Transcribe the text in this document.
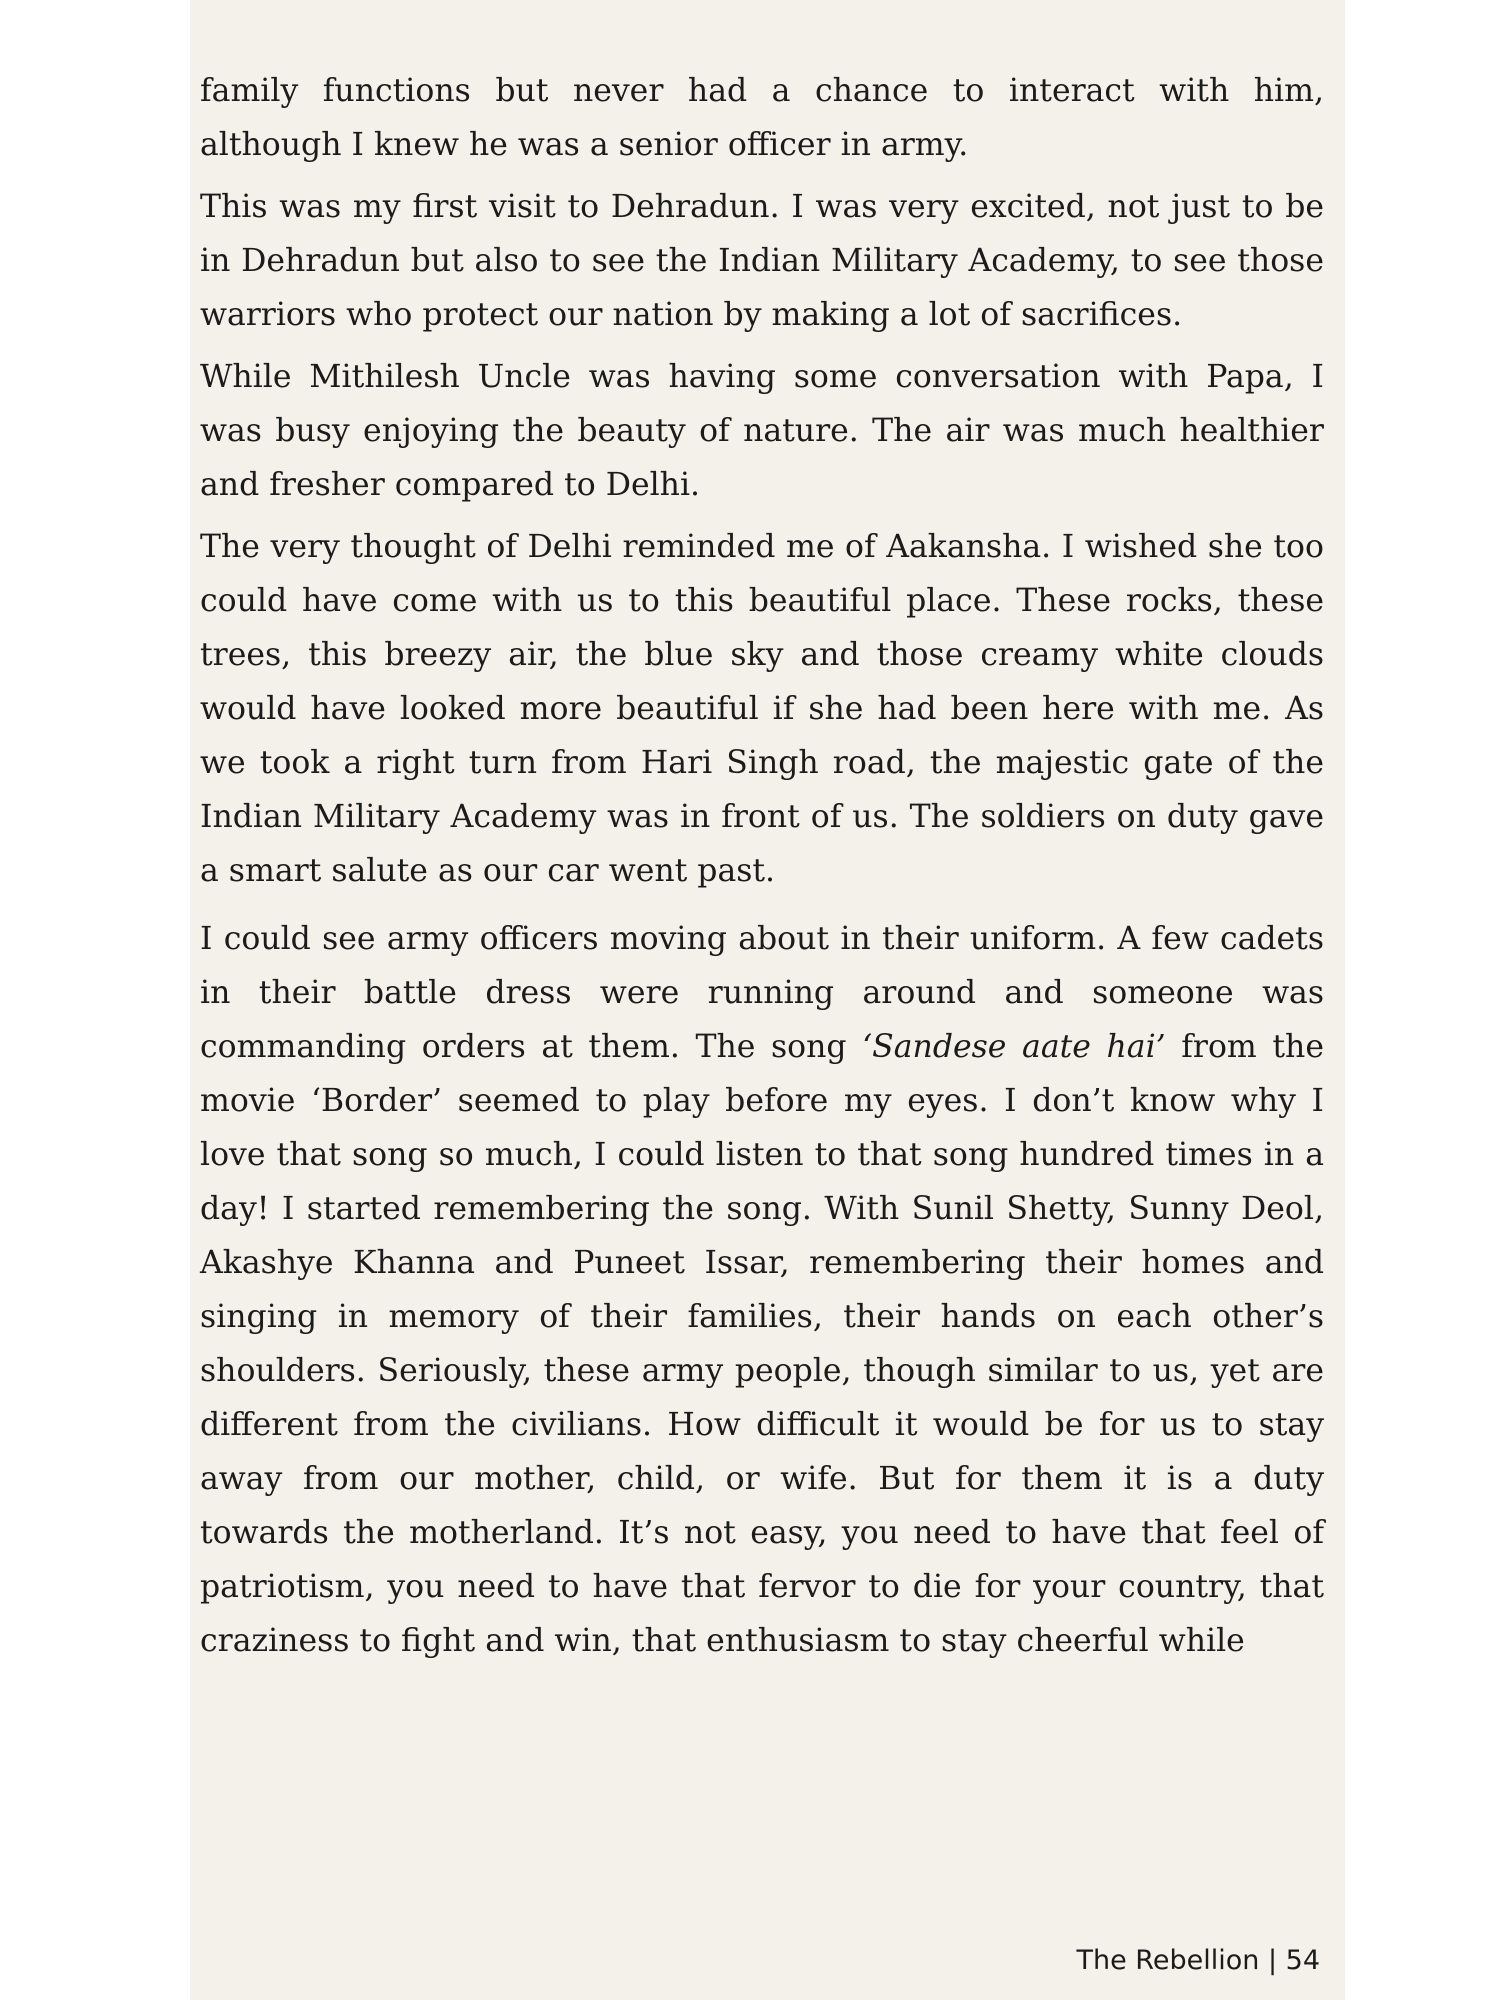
family functions but never had a chance to interact with him, although I knew he was a senior officer in army.

This was my first visit to Dehradun. I was very excited, not just to be in Dehradun but also to see the Indian Military Academy, to see those warriors who protect our nation by making a lot of sacrifices.

While Mithilesh Uncle was having some conversation with Papa, I was busy enjoying the beauty of nature. The air was much healthier and fresher compared to Delhi.

The very thought of Delhi reminded me of Aakansha. I wished she too could have come with us to this beautiful place. These rocks, these trees, this breezy air, the blue sky and those creamy white clouds would have looked more beautiful if she had been here with me. As we took a right turn from Hari Singh road, the majestic gate of the Indian Military Academy was in front of us. The soldiers on duty gave a smart salute as our car went past.

I could see army officers moving about in their uniform. A few cadets in their battle dress were running around and someone was commanding orders at them. The song ‘Sandese aate hai’ from the movie ‘Border’ seemed to play before my eyes. I don’t know why I love that song so much, I could listen to that song hundred times in a day! I started remembering the song. With Sunil Shetty, Sunny Deol, Akashye Khanna and Puneet Issar, remembering their homes and singing in memory of their families, their hands on each other’s shoulders. Seriously, these army people, though similar to us, yet are different from the civilians. How difficult it would be for us to stay away from our mother, child, or wife. But for them it is a duty towards the motherland. It’s not easy, you need to have that feel of patriotism, you need to have that fervor to die for your country, that craziness to fight and win, that enthusiasm to stay cheerful while

The Rebellion | 54
